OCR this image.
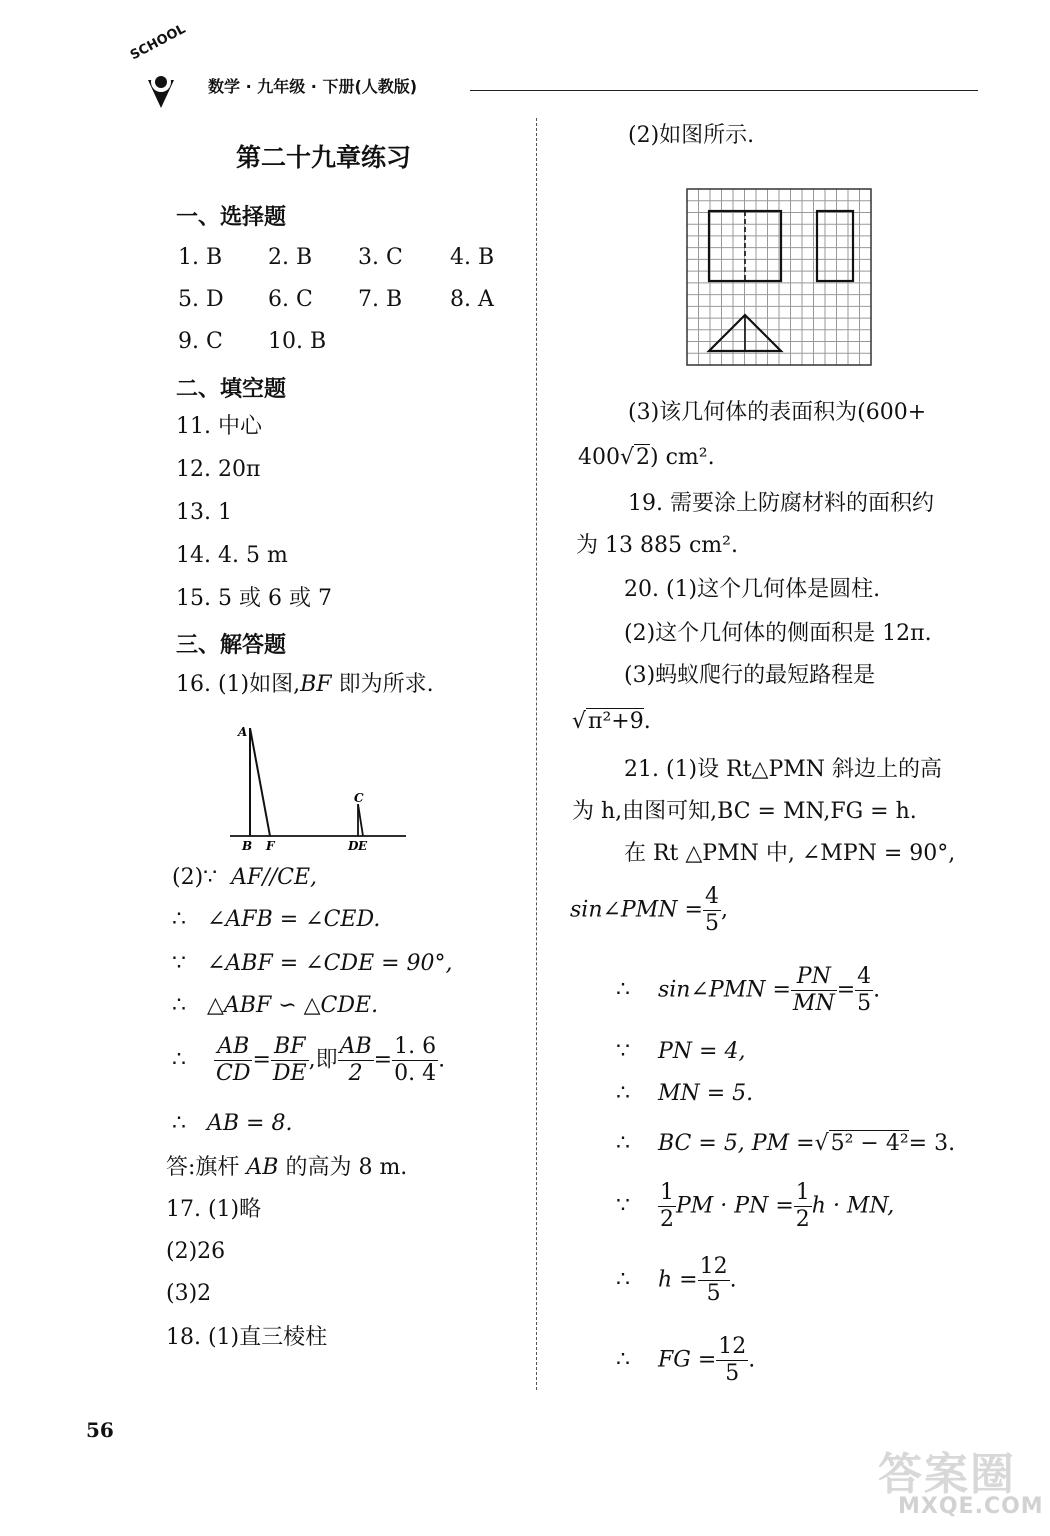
SCHOOL
数学 · 九年级 · 下册(人教版)
第二十九章练习
一、选择题
1. B 2. B 3. C 4. B
5. D 6. C 7. B 8. A
9. C 10. B
二、填空题
11. 中心
12. 20π
13. 1
14. 4. 5 m
15. 5 或 6 或 7
三、解答题
16. (1)如图,BF 即为所求.
A
B F
C
D E
(2)∵ AF//CE,
∴ ∠AFB = ∠CED.
∵ ∠ABF = ∠CDE = 90°,
∴ △ABF ∽ △CDE.
∴ $\frac{AB}{CD} = \frac{BF}{DE}$ ,即 $\frac{AB}{2} = \frac{1. 6}{0. 4}$ .
∴ AB = 8.
答:旗杆 AB 的高为 8 m.
17. (1)略
(2)26
(3)2
18. (1)直三棱柱
56
(2)如图所示.
(3)该几何体的表面积为(600+
400√2) cm².
19. 需要涂上防腐材料的面积约
为 13 885 cm².
20. (1)这个几何体是圆柱.
(2)这个几何体的侧面积是 12π.
(3)蚂蚁爬行的最短路程是
√π²+9.
21. (1)设 Rt△PMN 斜边上的高
为 h,由图可知,BC = MN,FG = h.
在 Rt △PMN 中, ∠MPN = 90°,
sin∠PMN = $\frac{4}{5}$ ,
∴ sin∠PMN = $\frac{PN}{MN} = \frac{4}{5}$ .
∵ PN = 4,
∴ MN = 5.
∴ BC = 5, PM =√5² − 4²= 3.
∵ $\frac{1}{2}$ PM · PN = $\frac{1}{2}$ h · MN,
∴ $h = \frac{12}{5}$ .
∴ FG = $\frac{12}{5}$ .
答案圈
MXQE.COM
